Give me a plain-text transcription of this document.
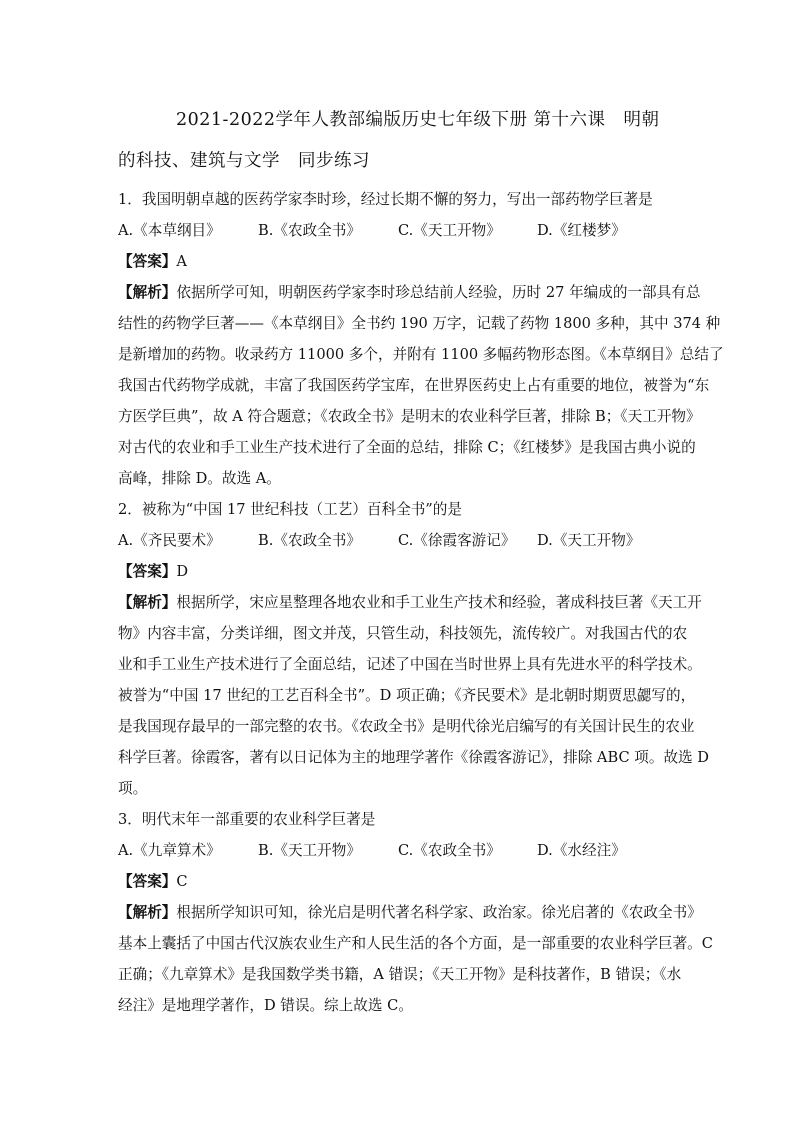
2021-2022学年人教部编版历史七年级下册 第十六课　明朝
的科技、建筑与文学　同步练习
1．我国明朝卓越的医药学家李时珍，经过长期不懈的努力，写出一部药物学巨著是
A.《本草纲目》	B.《农政全书》	C.《天工开物》	D.《红楼梦》
【答案】A
【解析】依据所学可知，明朝医药学家李时珍总结前人经验，历时 27 年编成的一部具有总
结性的药物学巨著——《本草纲目》全书约 190 万字，记载了药物 1800 多种，其中 374 种
是新增加的药物。收录药方 11000 多个，并附有 1100 多幅药物形态图。《本草纲目》总结了
我国古代药物学成就，丰富了我国医药学宝库，在世界医药史上占有重要的地位，被誉为“东
方医学巨典”，故 A 符合题意；《农政全书》是明末的农业科学巨著，排除 B；《天工开物》
对古代的农业和手工业生产技术进行了全面的总结，排除 C；《红楼梦》是我国古典小说的
高峰，排除 D。故选 A。
2．被称为“中国 17 世纪科技（工艺）百科全书”的是
A.《齐民要术》	B.《农政全书》	C.《徐霞客游记》	D.《天工开物》
【答案】D
【解析】根据所学，宋应星整理各地农业和手工业生产技术和经验，著成科技巨著《天工开
物》内容丰富，分类详细，图文并茂，只管生动，科技领先，流传较广。对我国古代的农
业和手工业生产技术进行了全面总结，记述了中国在当时世界上具有先进水平的科学技术。
被誉为“中国 17 世纪的工艺百科全书”。D 项正确；《齐民要术》是北朝时期贾思勰写的，
是我国现存最早的一部完整的农书。《农政全书》是明代徐光启编写的有关国计民生的农业
科学巨著。徐霞客，著有以日记体为主的地理学著作《徐霞客游记》，排除 ABC 项。故选 D
项。
3．明代末年一部重要的农业科学巨著是
A.《九章算术》	B.《天工开物》	C.《农政全书》	D.《水经注》
【答案】C
【解析】根据所学知识可知，徐光启是明代著名科学家、政治家。徐光启著的《农政全书》
基本上囊括了中国古代汉族农业生产和人民生活的各个方面，是一部重要的农业科学巨著。C
正确；《九章算术》是我国数学类书籍，A 错误；《天工开物》是科技著作，B 错误；《水
经注》是地理学著作，D 错误。综上故选 C。
